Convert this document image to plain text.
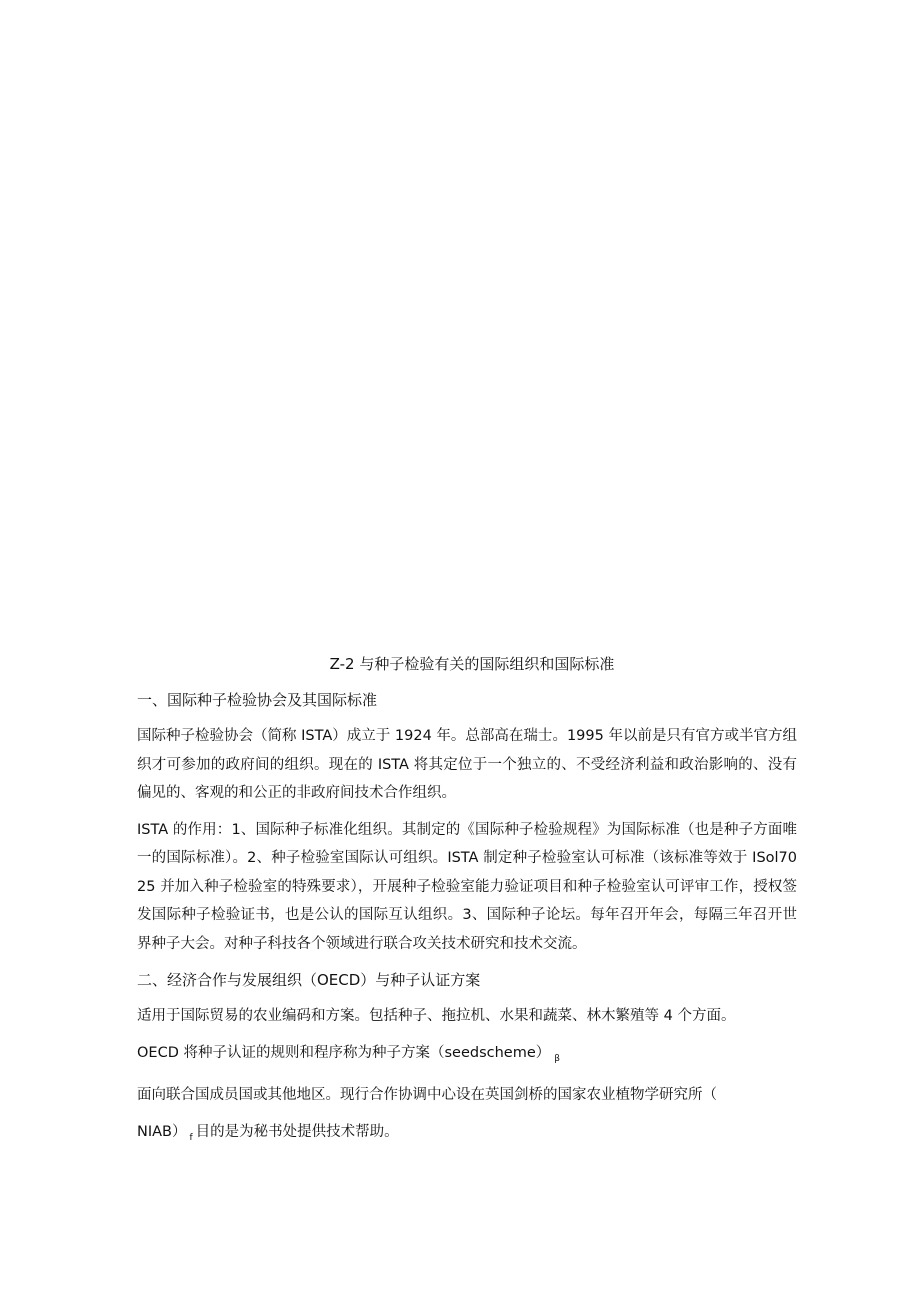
Z-2 与种子检验有关的国际组织和国际标准
一、国际种子检验协会及其国际标准
国际种子检验协会（简称 ISTA）成立于 1924 年。总部高在瑞士。1995 年以前是只有官方或半官方组织才可参加的政府间的组织。现在的 ISTA 将其定位于一个独立的、不受经济利益和政治影响的、没有偏见的、客观的和公正的非政府间技术合作组织。
ISTA 的作用：1、国际种子标准化组织。其制定的《国际种子检验规程》为国际标准（也是种子方面唯一的国际标准）。2、种子检验室国际认可组织。ISTA 制定种子检验室认可标准（该标准等效于 ISol7025 并加入种子检验室的特殊要求），开展种子检验室能力验证项目和种子检验室认可评审工作，授权签发国际种子检验证书，也是公认的国际互认组织。3、国际种子论坛。每年召开年会，每隔三年召开世界种子大会。对种子科技各个领域进行联合攻关技术研究和技术交流。
二、经济合作与发展组织（OECD）与种子认证方案
适用于国际贸易的农业编码和方案。包括种子、拖拉机、水果和蔬菜、林木繁殖等 4 个方面。
OECD 将种子认证的规则和程序称为种子方案（seedscheme） $_\beta$
面向联合国成员国或其他地区。现行合作协调中心设在英国剑桥的国家农业植物学研究所（
NIAB） $_f$ 目的是为秘书处提供技术帮助。
